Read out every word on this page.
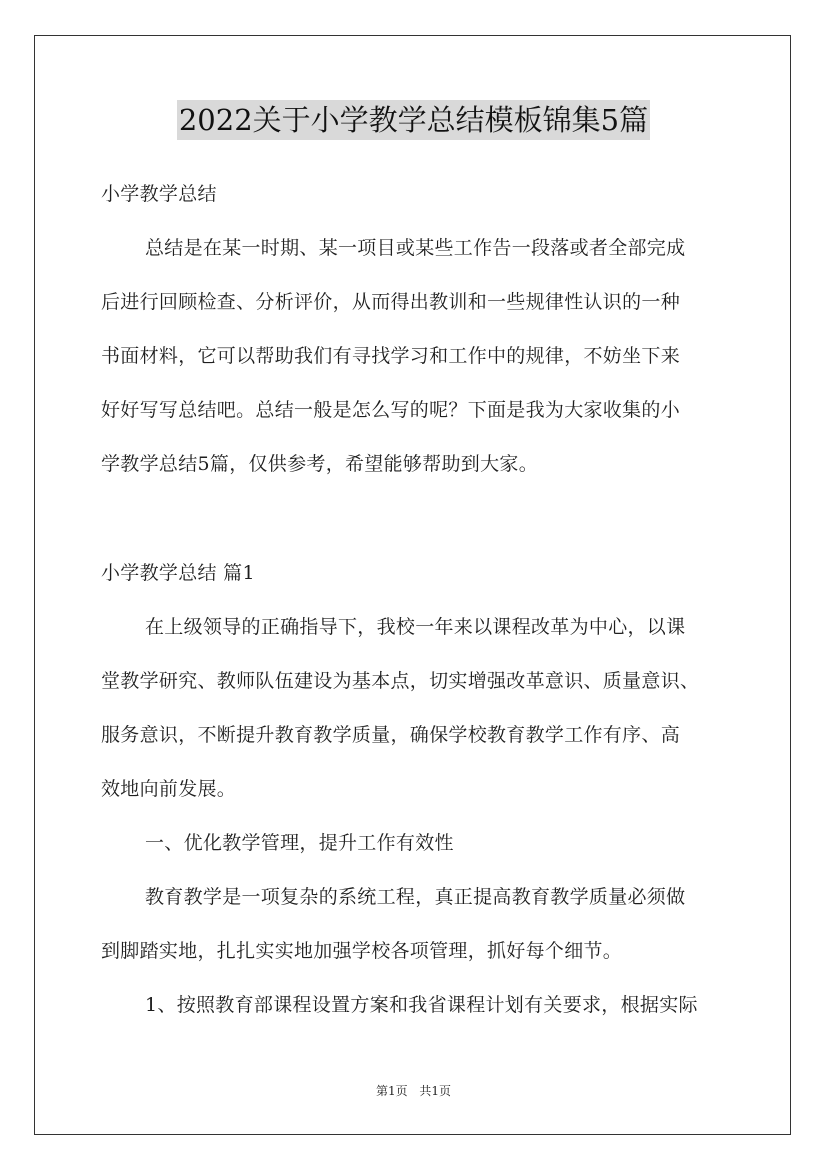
2022关于小学教学总结模板锦集5篇
小学教学总结
总结是在某一时期、某一项目或某些工作告一段落或者全部完成
后进行回顾检查、分析评价，从而得出教训和一些规律性认识的一种
书面材料，它可以帮助我们有寻找学习和工作中的规律，不妨坐下来
好好写写总结吧。总结一般是怎么写的呢？下面是我为大家收集的小
学教学总结5篇，仅供参考，希望能够帮助到大家。
小学教学总结 篇1
在上级领导的正确指导下，我校一年来以课程改革为中心，以课
堂教学研究、教师队伍建设为基本点，切实增强改革意识、质量意识、
服务意识，不断提升教育教学质量，确保学校教育教学工作有序、高
效地向前发展。
一、优化教学管理，提升工作有效性
教育教学是一项复杂的系统工程，真正提高教育教学质量必须做
到脚踏实地，扎扎实实地加强学校各项管理，抓好每个细节。
1、按照教育部课程设置方案和我省课程计划有关要求，根据实际
第1页 共1页
